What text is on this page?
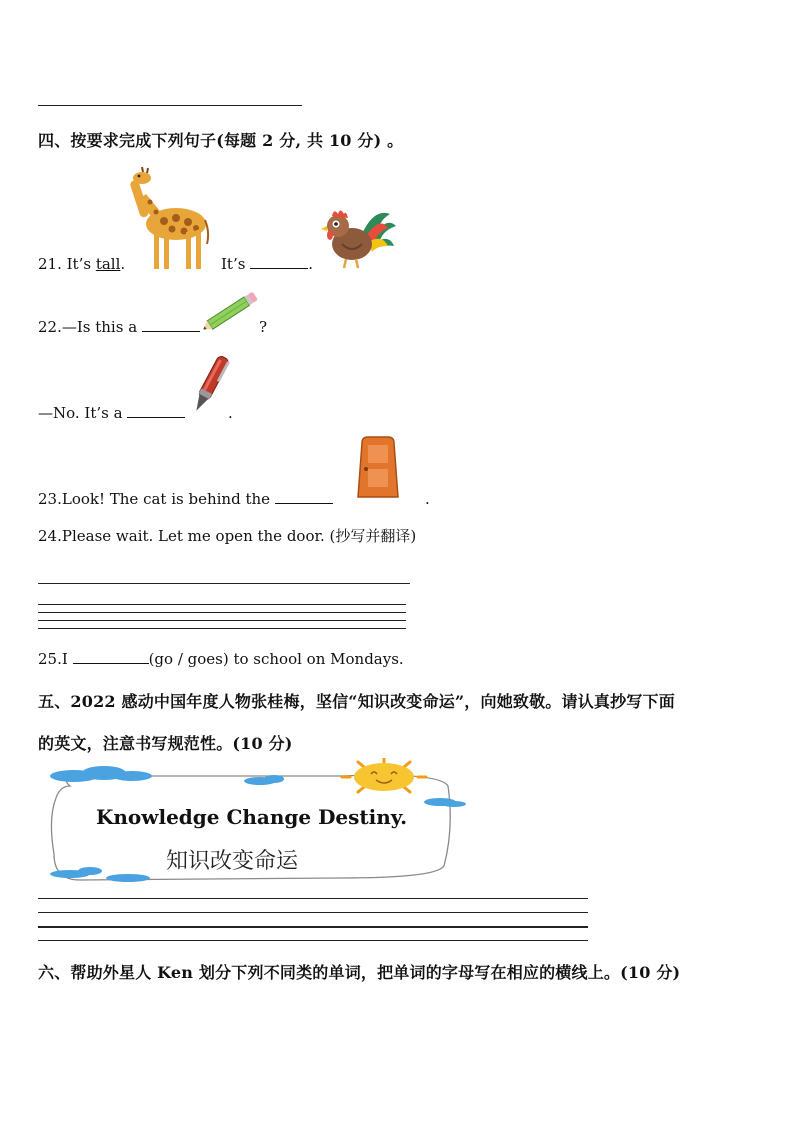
四、按要求完成下列句子(每题 2 分, 共 10 分) 。
21. It’s tall.	It’s	.
22.—Is this a	?
—No. It’s a	.
23.Look! The cat is behind the	.
24.Please wait. Let me open the door. (抄写并翻译)
25.I	(go / goes) to school on Mondays.
五、2022 感动中国年度人物张桂梅，坚信“知识改变命运”，向她致敬。请认真抄写下面
的英文，注意书写规范性。(10 分)
Knowledge Change Destiny.
知识改变命运
六、帮助外星人 Ken 划分下列不同类的单词，把单词的字母写在相应的横线上。(10 分)
